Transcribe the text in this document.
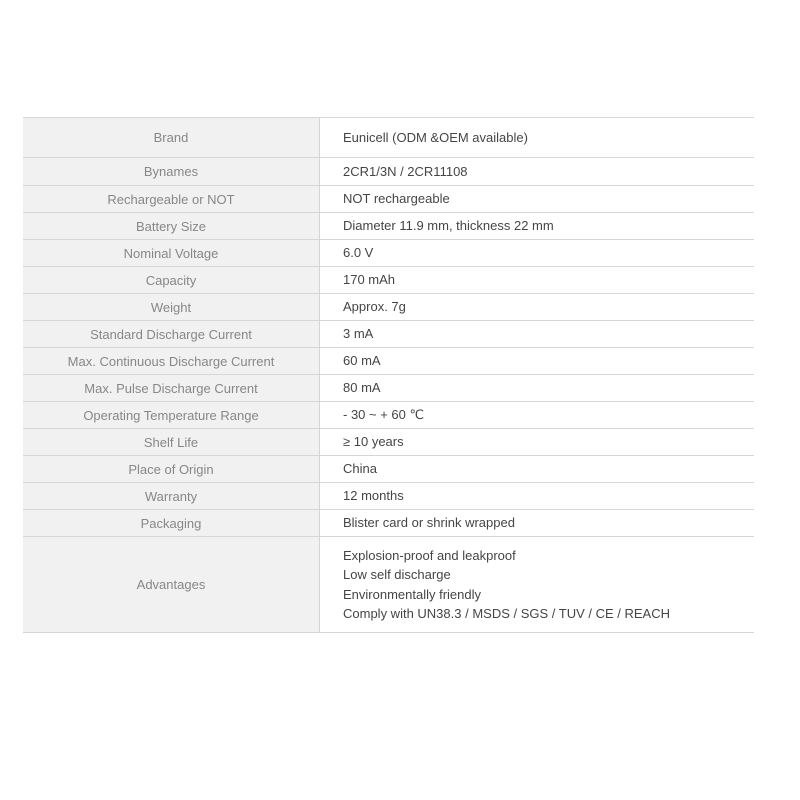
Brand	Eunicell (ODM &OEM available)

Bynames	2CR1/3N / 2CR11108

Rechargeable or NOT	NOT rechargeable

Battery Size	Diameter 11.9 mm, thickness 22 mm

Nominal Voltage	6.0 V

Capacity	170 mAh

Weight	Approx. 7g

Standard Discharge Current	3 mA

Max. Continuous Discharge Current	60 mA

Max. Pulse Discharge Current	80 mA

Operating Temperature Range	- 30 ~ + 60 ℃

Shelf Life	≥ 10 years

Place of Origin	China

Warranty	12 months

Packaging	Blister card or shrink wrapped

Advantages	Explosion-proof and leakproof
Low self discharge
Environmentally friendly
Comply with UN38.3 / MSDS / SGS / TUV / CE / REACH
